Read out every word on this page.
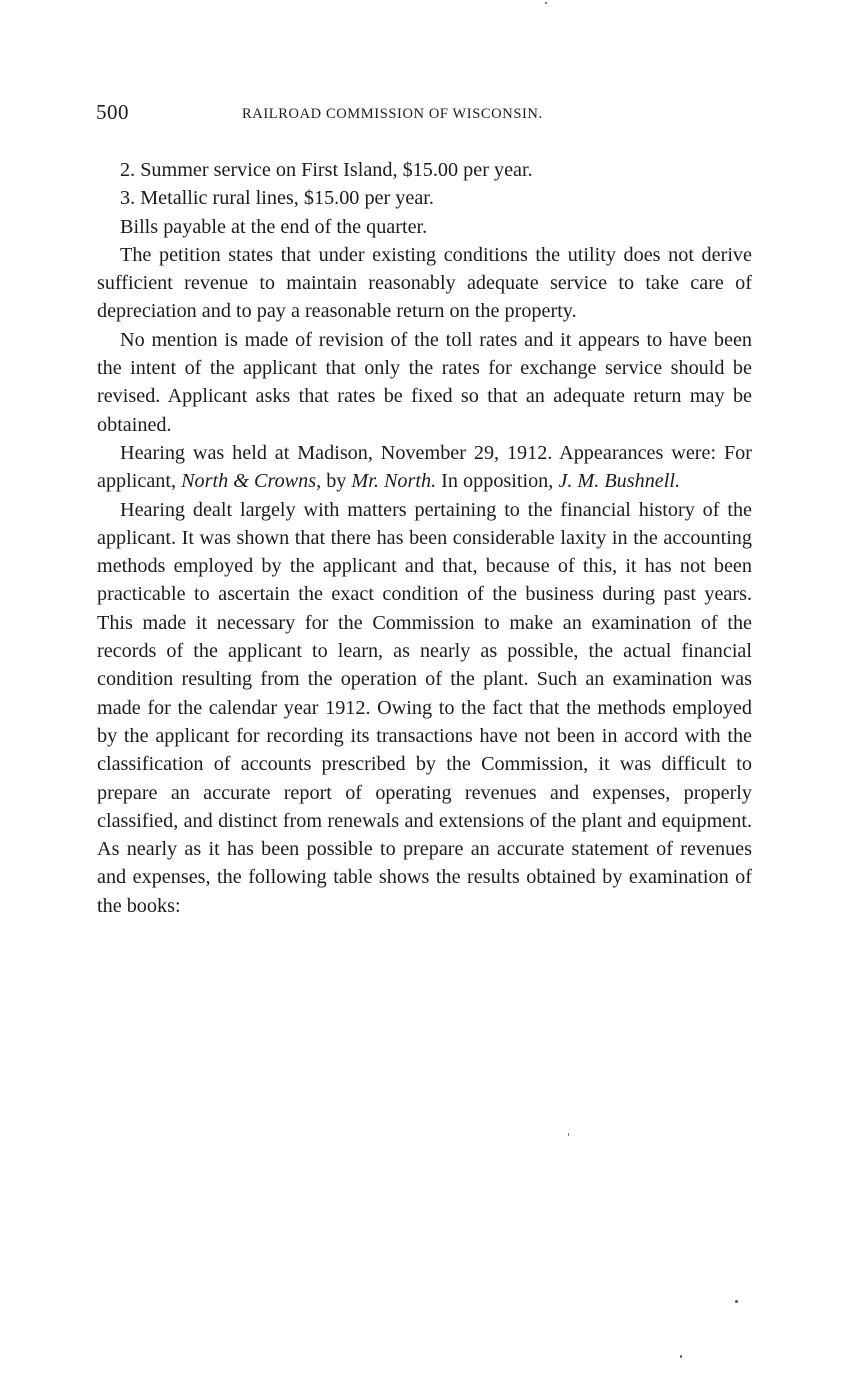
500	RAILROAD COMMISSION OF WISCONSIN.

2. Summer service on First Island, $15.00 per year.

3. Metallic rural lines, $15.00 per year.

Bills payable at the end of the quarter.

The petition states that under existing conditions the utility does not derive sufficient revenue to maintain reasonably adequate service to take care of depreciation and to pay a reasonable return on the property.

No mention is made of revision of the toll rates and it appears to have been the intent of the applicant that only the rates for exchange service should be revised. Applicant asks that rates be fixed so that an adequate return may be obtained.

Hearing was held at Madison, November 29, 1912. Appearances were: For applicant, North & Crowns, by Mr. North. In opposition, J. M. Bushnell.

Hearing dealt largely with matters pertaining to the financial history of the applicant. It was shown that there has been considerable laxity in the accounting methods employed by the applicant and that, because of this, it has not been practicable to ascertain the exact condition of the business during past years. This made it necessary for the Commission to make an examination of the records of the applicant to learn, as nearly as possible, the actual financial condition resulting from the operation of the plant. Such an examination was made for the calendar year 1912. Owing to the fact that the methods employed by the applicant for recording its transactions have not been in accord with the classification of accounts prescribed by the Commission, it was difficult to prepare an accurate report of operating revenues and expenses, properly classified, and distinct from renewals and extensions of the plant and equipment. As nearly as it has been possible to prepare an accurate statement of revenues and expenses, the following table shows the results obtained by examination of the books:
